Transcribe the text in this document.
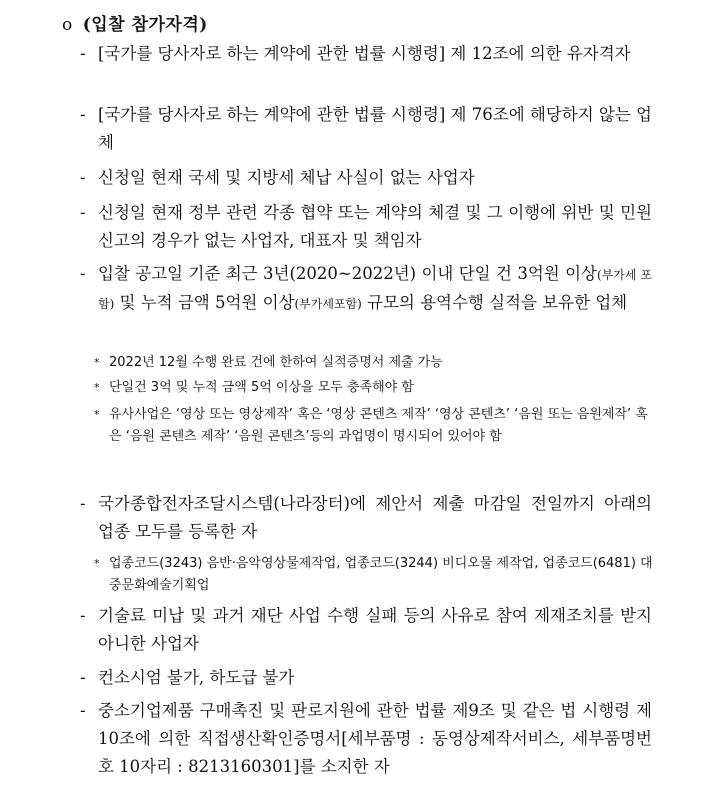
o (입찰 참가자격)
- [국가를 당사자로 하는 계약에 관한 법률 시행령] 제 12조에 의한 유자격자
- [국가를 당사자로 하는 계약에 관한 법률 시행령] 제 76조에 해당하지 않는 업체
- 신청일 현재 국세 및 지방세 체납 사실이 없는 사업자
- 신청일 현재 정부 관련 각종 협약 또는 계약의 체결 및 그 이행에 위반 및 민원신고의 경우가 없는 사업자, 대표자 및 책임자
- 입찰 공고일 기준 최근 3년(2020~2022년) 이내 단일 건 3억원 이상(부가세 포함) 및 누적 금액 5억원 이상(부가세포함) 규모의 용역수행 실적을 보유한 업체
* 2022년 12월 수행 완료 건에 한하여 실적증명서 제출 가능
* 단일건 3억 및 누적 금액 5억 이상을 모두 충족해야 함
* 유사사업은 ‘영상 또는 영상제작’ 혹은 ‘영상 콘텐츠 제작’ ‘영상 콘텐츠’ ‘음원 또는 음원제작’ 혹은 ‘음원 콘텐츠 제작’ ‘음원 콘텐츠’등의 과업명이 명시되어 있어야 함
- 국가종합전자조달시스템(나라장터)에 제안서 제출 마감일 전일까지 아래의 업종 모두를 등록한 자
* 업종코드(3243) 음반·음악영상물제작업, 업종코드(3244) 비디오물 제작업, 업종코드(6481) 대중문화예술기획업
- 기술료 미납 및 과거 재단 사업 수행 실패 등의 사유로 참여 제재조치를 받지 아니한 사업자
- 컨소시엄 불가, 하도급 불가
- 중소기업제품 구매촉진 및 판로지원에 관한 법률 제9조 및 같은 법 시행령 제10조에 의한 직접생산확인증명서[세부품명 : 동영상제작서비스, 세부품명번호 10자리 : 8213160301]를 소지한 자
